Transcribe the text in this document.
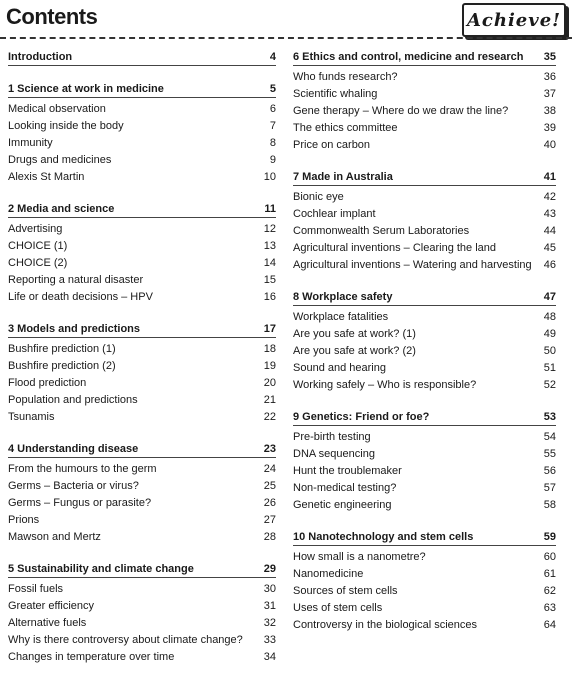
Contents	Achieve!
Introduction	4
1 Science at work in medicine	5
Medical observation	6
Looking inside the body	7
Immunity	8
Drugs and medicines	9
Alexis St Martin	10
2 Media and science	11
Advertising	12
CHOICE (1)	13
CHOICE (2)	14
Reporting a natural disaster	15
Life or death decisions – HPV	16
3 Models and predictions	17
Bushfire prediction (1)	18
Bushfire prediction (2)	19
Flood prediction	20
Population and predictions	21
Tsunamis	22
4 Understanding disease	23
From the humours to the germ	24
Germs – Bacteria or virus?	25
Germs – Fungus or parasite?	26
Prions	27
Mawson and Mertz	28
5 Sustainability and climate change	29
Fossil fuels	30
Greater efficiency	31
Alternative fuels	32
Why is there controversy about climate change?	33
Changes in temperature over time	34
6 Ethics and control, medicine and research	35
Who funds research?	36
Scientific whaling	37
Gene therapy – Where do we draw the line?	38
The ethics committee	39
Price on carbon	40
7 Made in Australia	41
Bionic eye	42
Cochlear implant	43
Commonwealth Serum Laboratories	44
Agricultural inventions – Clearing the land	45
Agricultural inventions – Watering and harvesting	46
8 Workplace safety	47
Workplace fatalities	48
Are you safe at work? (1)	49
Are you safe at work? (2)	50
Sound and hearing	51
Working safely – Who is responsible?	52
9 Genetics: Friend or foe?	53
Pre-birth testing	54
DNA sequencing	55
Hunt the troublemaker	56
Non-medical testing?	57
Genetic engineering	58
10 Nanotechnology and stem cells	59
How small is a nanometre?	60
Nanomedicine	61
Sources of stem cells	62
Uses of stem cells	63
Controversy in the biological sciences	64
